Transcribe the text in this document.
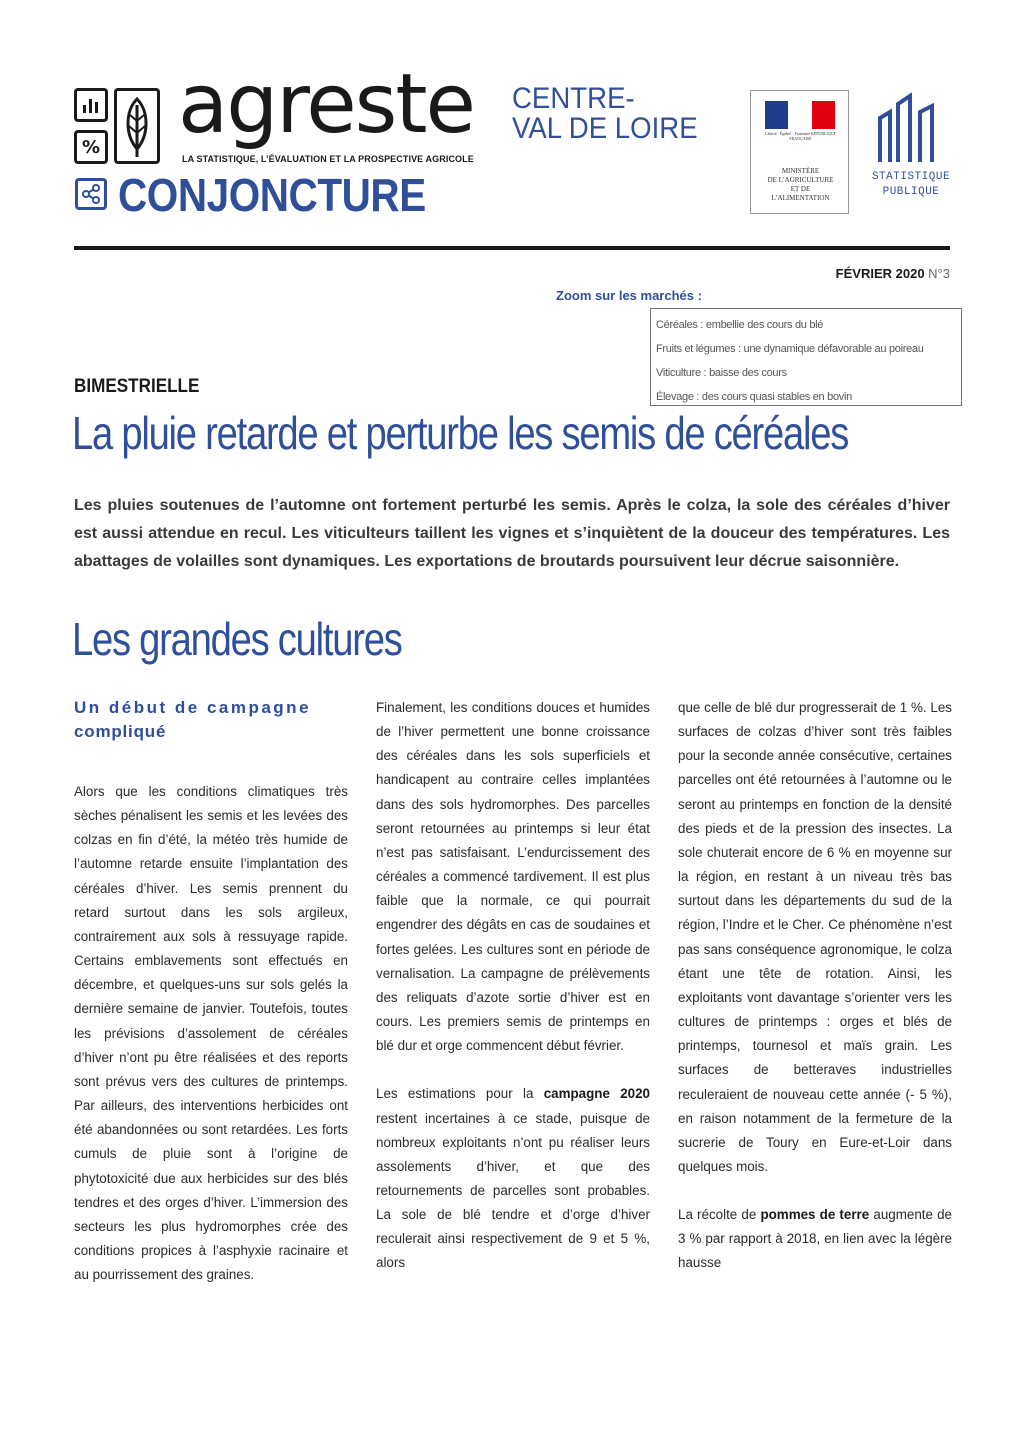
% agreste
LA STATISTIQUE, L’ÉVALUATION ET LA PROSPECTIVE AGRICOLE
CONJONCTURE
CENTRE-
VAL DE LOIRE	Liberté · Égalité · Fraternité RÉPUBLIQUE FRANÇAISE
MINISTÈRE
DE L’AGRICULTURE
ET DE
L’ALIMENTATION
STATISTIQUE
PUBLIQUE
FÉVRIER 2020 N°3
Zoom sur les marchés :
Céréales : embellie des cours du blé
Fruits et légumes : une dynamique défavorable au poireau
Viticulture : baisse des cours
Élevage : des cours quasi stables en bovin
BIMESTRIELLE
La pluie retarde et perturbe les semis de céréales

Les pluies soutenues de l’automne ont fortement perturbé les semis. Après le colza, la sole des céréales d’hiver est aussi attendue en recul. Les viticulteurs taillent les vignes et s’inquiètent de la douceur des températures. Les abattages de volailles sont dynamiques. Les exportations de broutards poursuivent leur décrue saisonnière.

Les grandes cultures
Un début de campagne
compliqué

Alors que les conditions climatiques très sèches pénalisent les semis et les levées des colzas en fin d’été, la météo très humide de l’automne retarde ensuite l’implantation des céréales d’hiver. Les semis prennent du retard surtout dans les sols argileux, contrairement aux sols à ressuyage rapide. Certains emblavements sont effectués en décembre, et quelques-uns sur sols gelés la dernière semaine de janvier. Toutefois, toutes les prévisions d’assolement de céréales d’hiver n’ont pu être réalisées et des reports sont prévus vers des cultures de printemps. Par ailleurs, des interventions herbicides ont été abandonnées ou sont retardées. Les forts cumuls de pluie sont à l’origine de phytotoxicité due aux herbicides sur des blés tendres et des orges d’hiver. L’immersion des secteurs les plus hydromorphes crée des conditions propices à l’asphyxie racinaire et au pourrissement des graines.

Finalement, les conditions douces et humides de l’hiver permettent une bonne croissance des céréales dans les sols superficiels et handicapent au contraire celles implantées dans des sols hydromorphes. Des parcelles seront retournées au printemps si leur état n’est pas satisfaisant. L’endurcissement des céréales a commencé tardivement. Il est plus faible que la normale, ce qui pourrait engendrer des dégâts en cas de soudaines et fortes gelées. Les cultures sont en période de vernalisation. La campagne de prélèvements des reliquats d’azote sortie d’hiver est en cours. Les premiers semis de printemps en blé dur et orge commencent début février.

Les estimations pour la campagne 2020 restent incertaines à ce stade, puisque de nombreux exploitants n’ont pu réaliser leurs assolements d’hiver, et que des retournements de parcelles sont probables. La sole de blé tendre et d’orge d’hiver reculerait ainsi respectivement de 9 et 5 %, alors

que celle de blé dur progresserait de 1 %. Les surfaces de colzas d’hiver sont très faibles pour la seconde année consécutive, certaines parcelles ont été retournées à l’automne ou le seront au printemps en fonction de la densité des pieds et de la pression des insectes. La sole chuterait encore de 6 % en moyenne sur la région, en restant à un niveau très bas surtout dans les départements du sud de la région, l’Indre et le Cher. Ce phénomène n’est pas sans conséquence agronomique, le colza étant une tête de rotation. Ainsi, les exploitants vont davantage s’orienter vers les cultures de printemps : orges et blés de printemps, tournesol et maïs grain. Les surfaces de betteraves industrielles reculeraient de nouveau cette année (- 5 %), en raison notamment de la fermeture de la sucrerie de Toury en Eure-et-Loir dans quelques mois.

La récolte de pommes de terre augmente de 3 % par rapport à 2018, en lien avec la légère hausse
